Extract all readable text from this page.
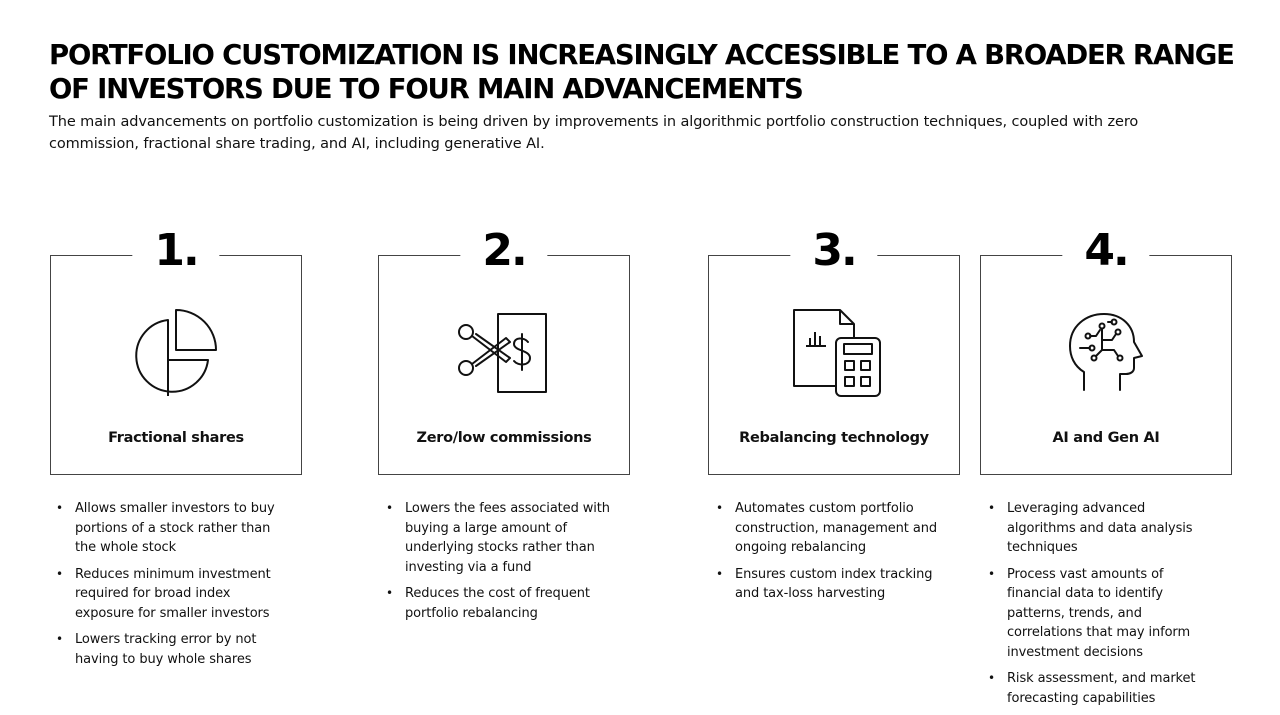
PORTFOLIO CUSTOMIZATION IS INCREASINGLY ACCESSIBLE TO A BROADER RANGE OF INVESTORS DUE TO FOUR MAIN ADVANCEMENTS
The main advancements on portfolio customization is being driven by improvements in algorithmic portfolio construction techniques, coupled with zero commission, fractional share trading, and AI, including generative AI.
1.
Fractional shares
2.
Zero/low commissions
3.
Rebalancing technology
4.
AI and Gen AI
• Allows smaller investors to buy portions of a stock rather than the whole stock
• Reduces minimum investment required for broad index exposure for smaller investors
• Lowers tracking error by not having to buy whole shares
• Lowers the fees associated with buying a large amount of underlying stocks rather than investing via a fund
• Reduces the cost of frequent portfolio rebalancing
• Automates custom portfolio construction, management and ongoing rebalancing
• Ensures custom index tracking and tax-loss harvesting
• Leveraging advanced algorithms and data analysis techniques
• Process vast amounts of financial data to identify patterns, trends, and correlations that may inform investment decisions
• Risk assessment, and market forecasting capabilities
